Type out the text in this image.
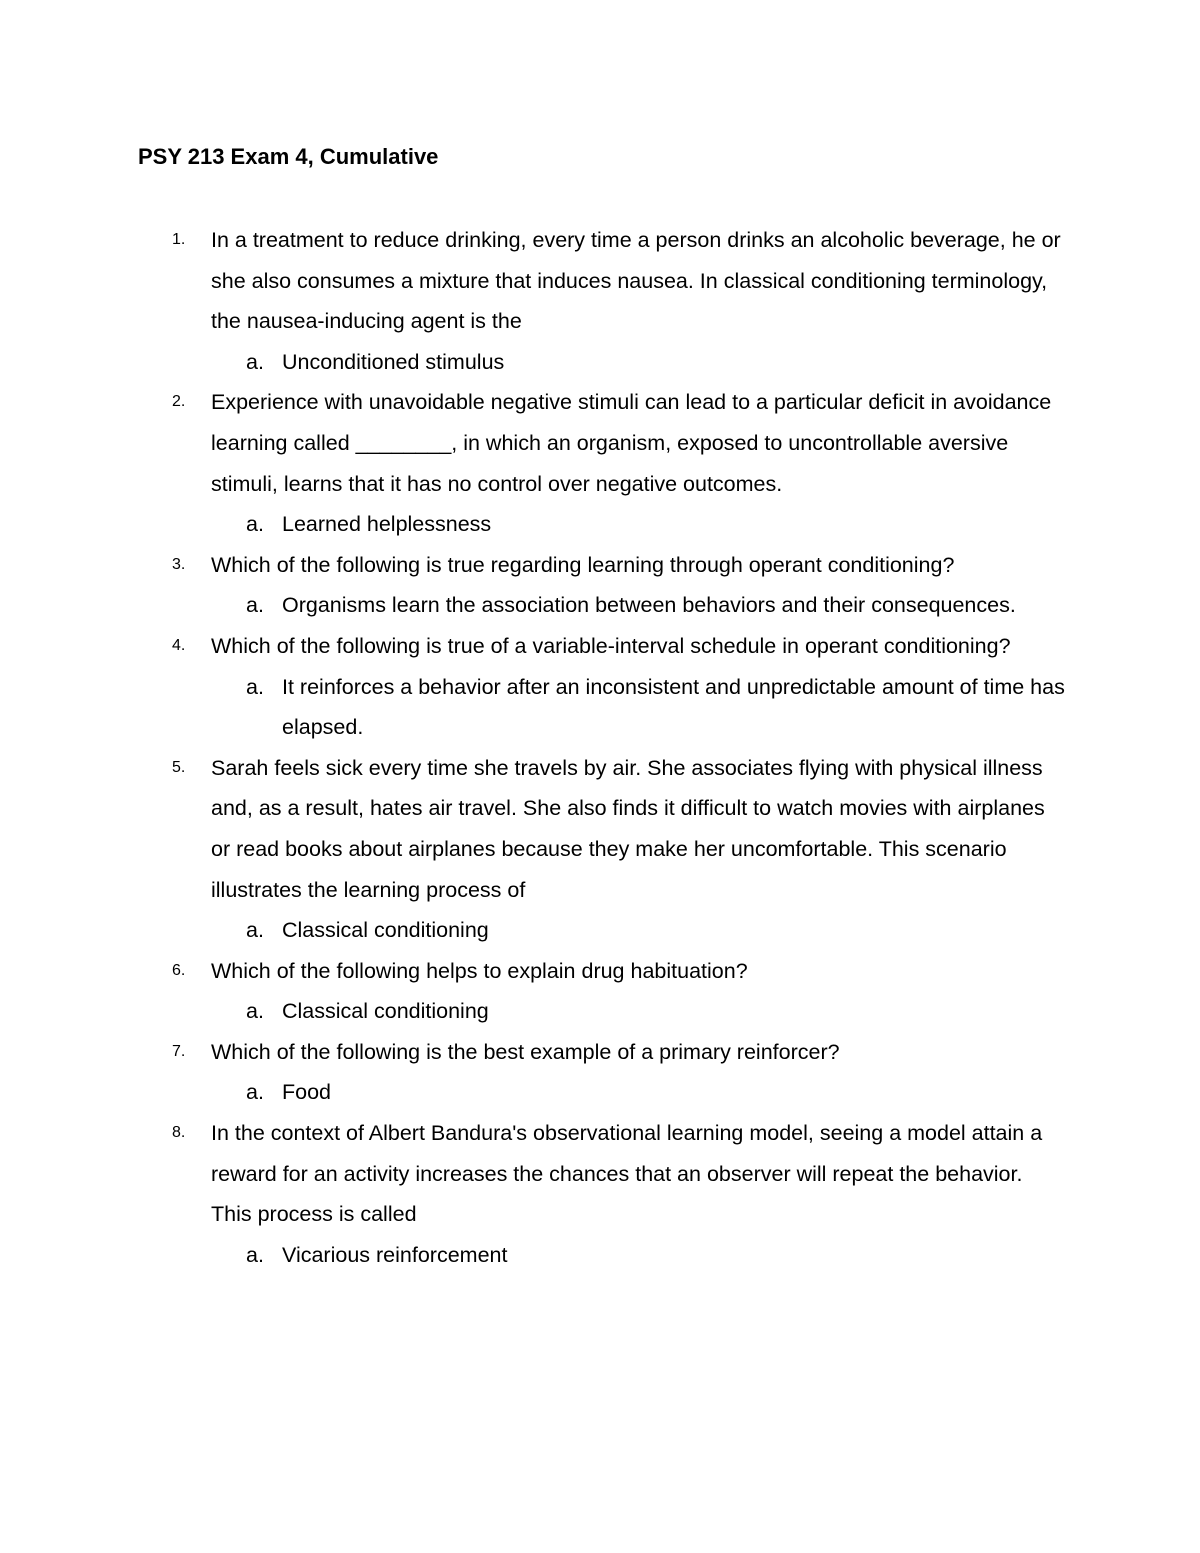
PSY 213 Exam 4, Cumulative
1. In a treatment to reduce drinking, every time a person drinks an alcoholic beverage, he or she also consumes a mixture that induces nausea. In classical conditioning terminology, the nausea-inducing agent is the
a. Unconditioned stimulus
2. Experience with unavoidable negative stimuli can lead to a particular deficit in avoidance learning called ________, in which an organism, exposed to uncontrollable aversive stimuli, learns that it has no control over negative outcomes.
a. Learned helplessness
3. Which of the following is true regarding learning through operant conditioning?
a. Organisms learn the association between behaviors and their consequences.
4. Which of the following is true of a variable-interval schedule in operant conditioning?
a. It reinforces a behavior after an inconsistent and unpredictable amount of time has elapsed.
5. Sarah feels sick every time she travels by air. She associates flying with physical illness and, as a result, hates air travel. She also finds it difficult to watch movies with airplanes or read books about airplanes because they make her uncomfortable. This scenario illustrates the learning process of
a. Classical conditioning
6. Which of the following helps to explain drug habituation?
a. Classical conditioning
7. Which of the following is the best example of a primary reinforcer?
a. Food
8. In the context of Albert Bandura's observational learning model, seeing a model attain a reward for an activity increases the chances that an observer will repeat the behavior. This process is called
a. Vicarious reinforcement
